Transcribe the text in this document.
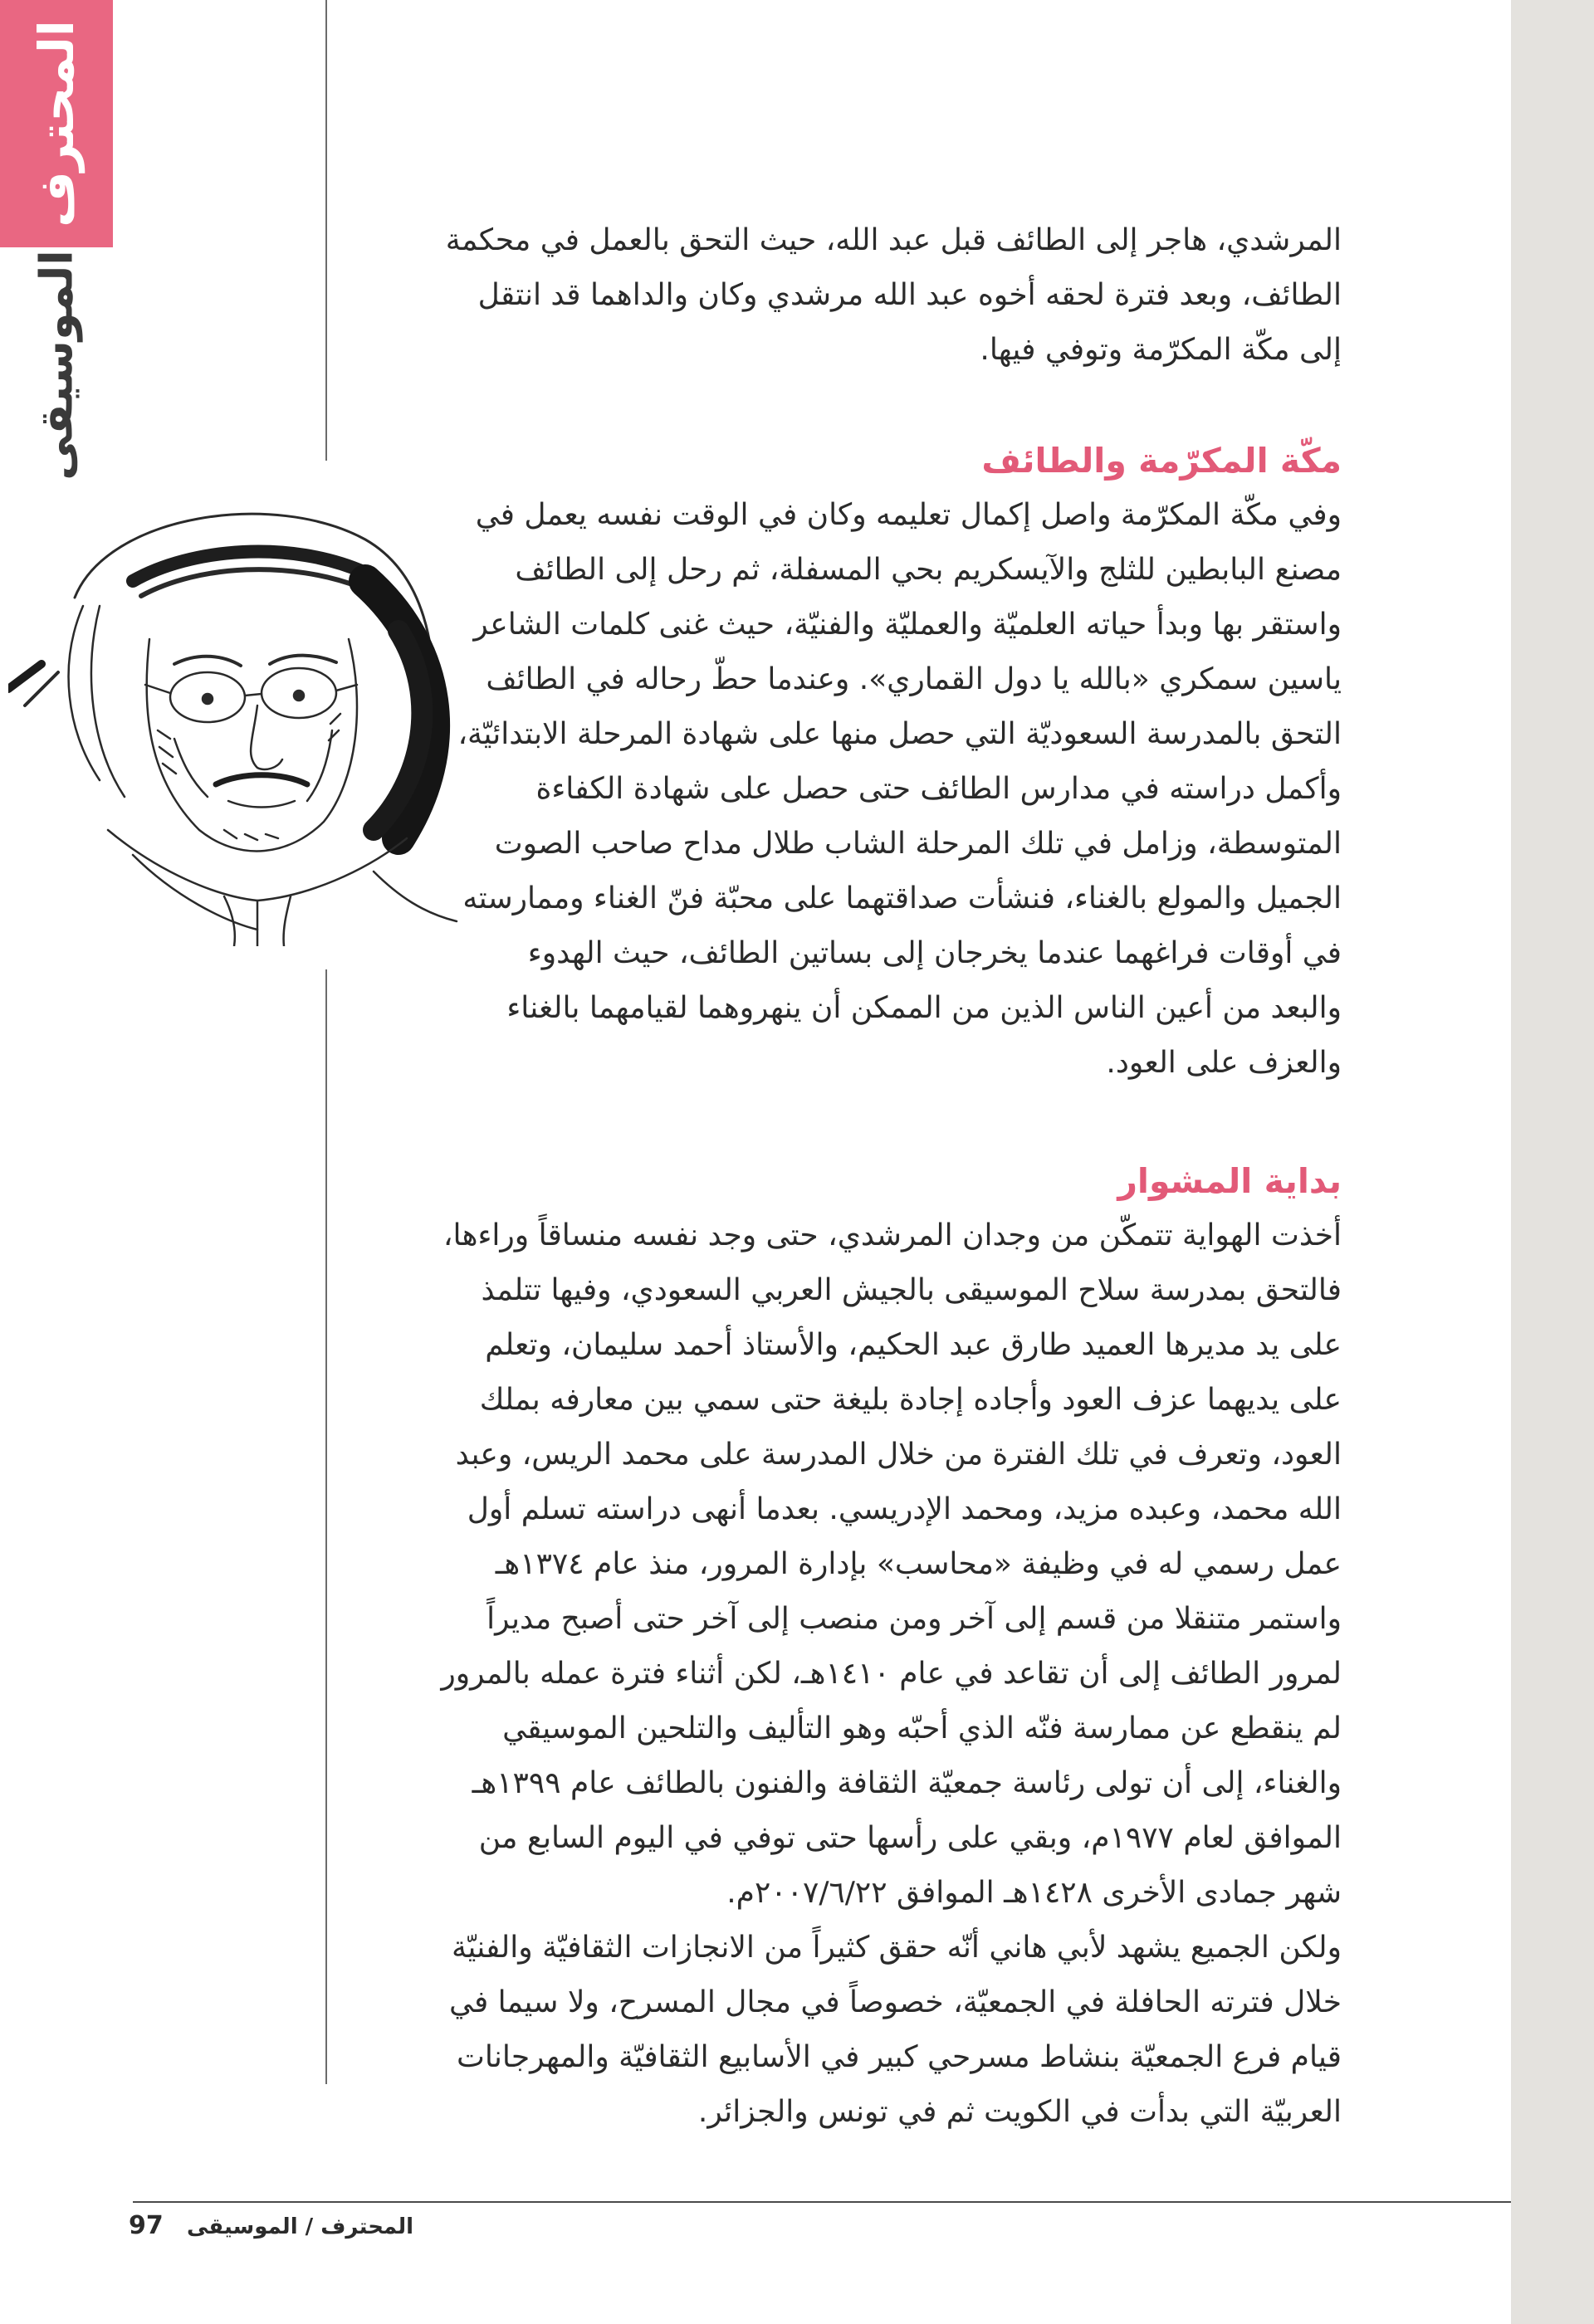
المحترف
الموسيقى

المرشدي، هاجر إلى الطائف قبل عبد الله، حيث التحق بالعمل في محكمة الطائف، وبعد فترة لحقه أخوه عبد الله مرشدي وكان والداهما قد انتقل إلى مكّة المكرّمة وتوفي فيها.

مكّة المكرّمة والطائف

وفي مكّة المكرّمة واصل إكمال تعليمه وكان في الوقت نفسه يعمل في مصنع البابطين للثلج والآيسكريم بحي المسفلة، ثم رحل إلى الطائف واستقر بها وبدأ حياته العلميّة والعمليّة والفنيّة، حيث غنى كلمات الشاعر ياسين سمكري «بالله يا دول القماري». وعندما حطّ رحاله في الطائف التحق بالمدرسة السعوديّة التي حصل منها على شهادة المرحلة الابتدائيّة، وأكمل دراسته في مدارس الطائف حتى حصل على شهادة الكفاءة المتوسطة، وزامل في تلك المرحلة الشاب طلال مداح صاحب الصوت الجميل والمولع بالغناء، فنشأت صداقتهما على محبّة فنّ الغناء وممارسته في أوقات فراغهما عندما يخرجان إلى بساتين الطائف، حيث الهدوء والبعد من أعين الناس الذين من الممكن أن ينهروهما لقيامهما بالغناء والعزف على العود.

بداية المشوار

أخذت الهواية تتمكّن من وجدان المرشدي، حتى وجد نفسه منساقاً وراءها، فالتحق بمدرسة سلاح الموسيقى بالجيش العربي السعودي، وفيها تتلمذ على يد مديرها العميد طارق عبد الحكيم، والأستاذ أحمد سليمان، وتعلم على يديهما عزف العود وأجاده إجادة بليغة حتى سمي بين معارفه بملك العود، وتعرف في تلك الفترة من خلال المدرسة على محمد الريس، وعبد الله محمد، وعبده مزيد، ومحمد الإدريسي. بعدما أنهى دراسته تسلم أول عمل رسمي له في وظيفة «محاسب» بإدارة المرور، منذ عام ١٣٧٤هـ واستمر متنقلا من قسم إلى آخر ومن منصب إلى آخر حتى أصبح مديراً لمرور الطائف إلى أن تقاعد في عام ١٤١٠هـ، لكن أثناء فترة عمله بالمرور لم ينقطع عن ممارسة فنّه الذي أحبّه وهو التأليف والتلحين الموسيقي والغناء، إلى أن تولى رئاسة جمعيّة الثقافة والفنون بالطائف عام ١٣٩٩هـ الموافق لعام ١٩٧٧م، وبقي على رأسها حتى توفي في اليوم السابع من شهر جمادى الأخرى ١٤٢٨هـ الموافق ٢٠٠٧/٦/٢٢م.

ولكن الجميع يشهد لأبي هاني أنّه حقق كثيراً من الانجازات الثقافيّة والفنيّة خلال فترته الحافلة في الجمعيّة، خصوصاً في مجال المسرح، ولا سيما في قيام فرع الجمعيّة بنشاط مسرحي كبير في الأسابيع الثقافيّة والمهرجانات العربيّة التي بدأت في الكويت ثم في تونس والجزائر.

97 المحترف / الموسيقى
